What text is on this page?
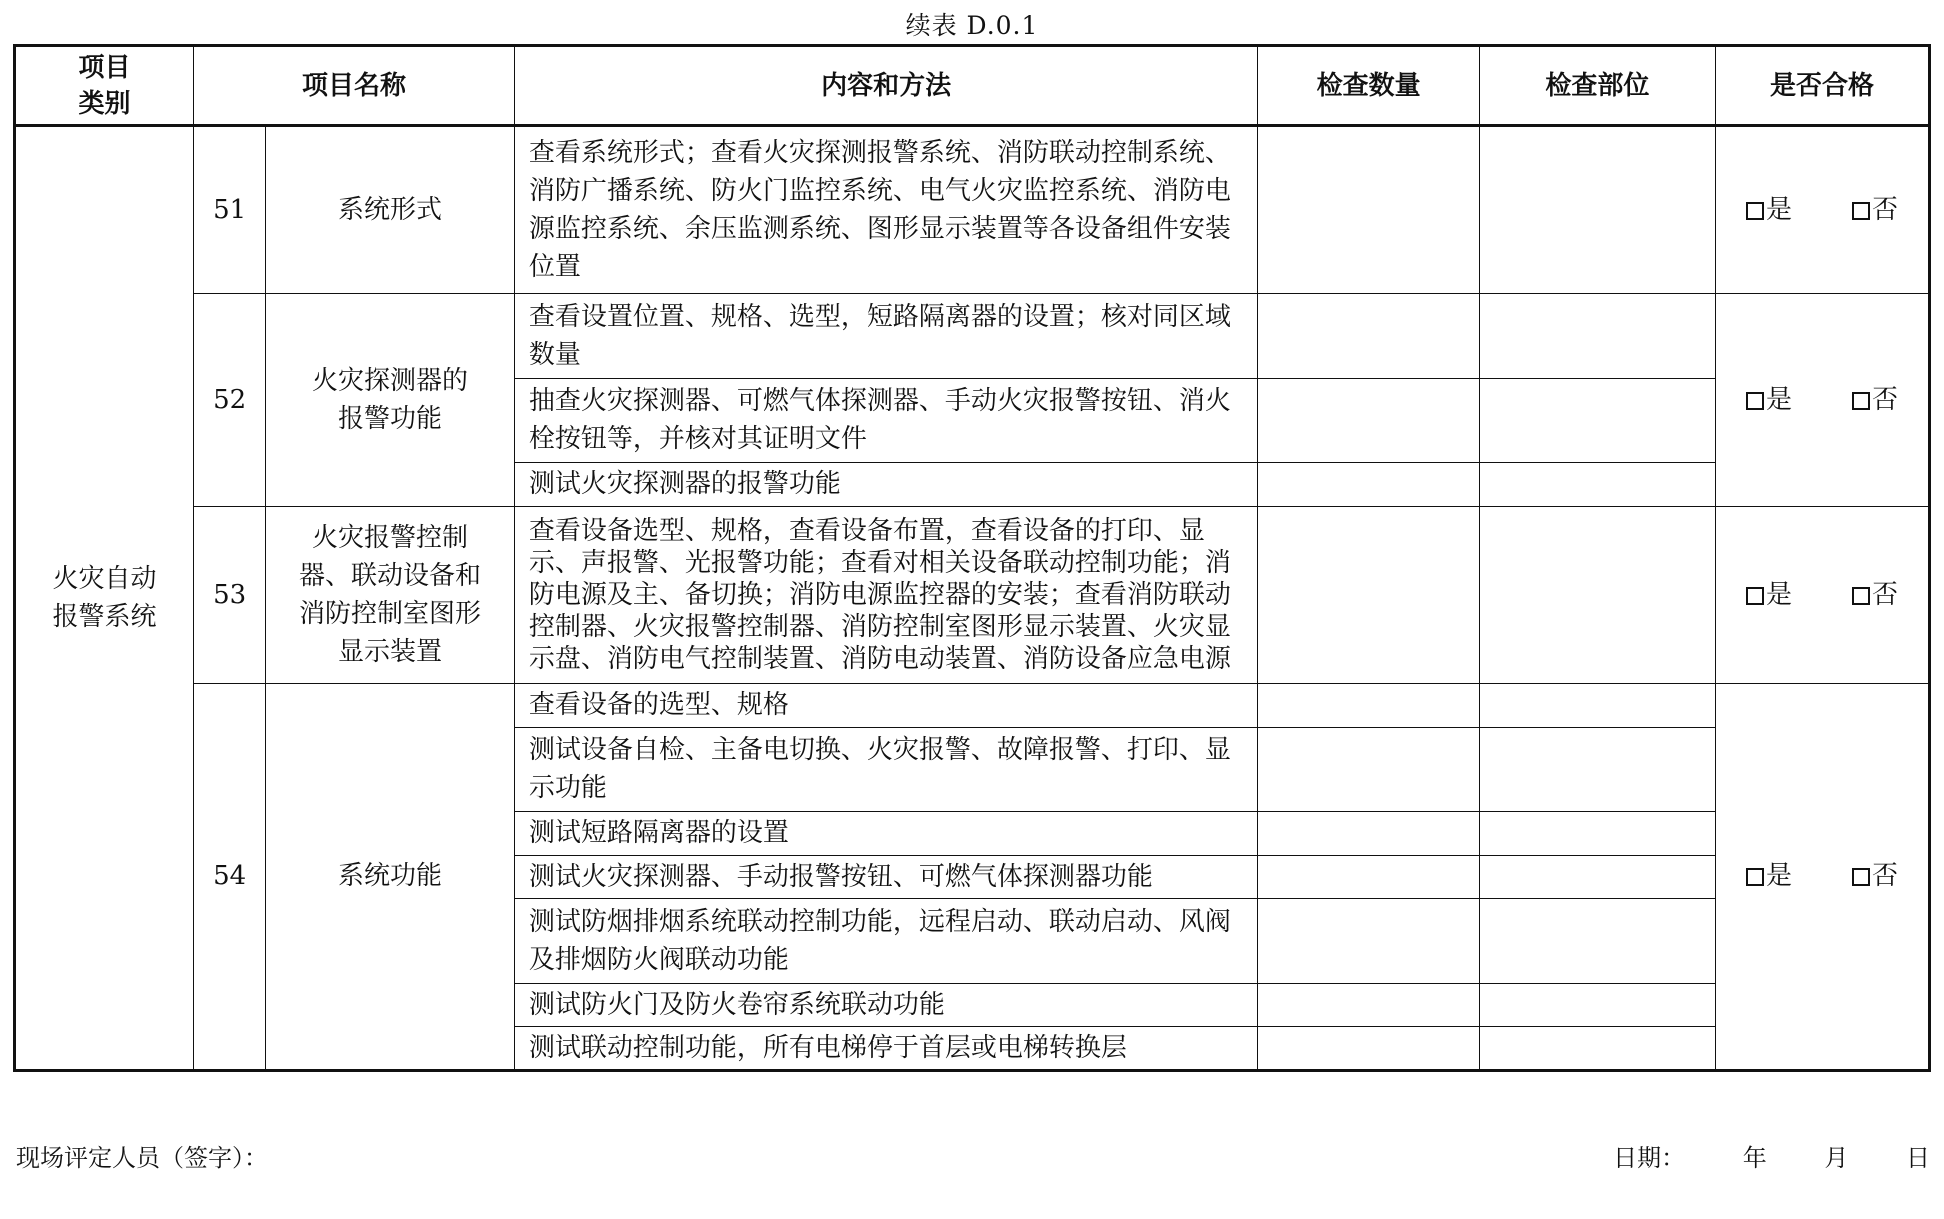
续表 D.0.1
项目
类别	项目名称		内容和方法	检查数量	检查部位	是否合格
火灾自动
报警系统	51	系统形式	查看系统形式；查看火灾探测报警系统、消防联动控制系统、消防广播系统、防火门监控系统、电气火灾监控系统、消防电源监控系统、余压监测系统、图形显示装置等各设备组件安装位置			是 否
	52	火灾探测器的
报警功能	查看设置位置、规格、选型，短路隔离器的设置；核对同区域数量			是 否
			抽查火灾探测器、可燃气体探测器、手动火灾报警按钮、消火栓按钮等，并核对其证明文件			
			测试火灾探测器的报警功能			
	53	火灾报警控制
器、联动设备和
消防控制室图形
显示装置	查看设备选型、规格，查看设备布置，查看设备的打印、显示、声报警、光报警功能；查看对相关设备联动控制功能；消防电源及主、备切换；消防电源监控器的安装；查看消防联动控制器、火灾报警控制器、消防控制室图形显示装置、火灾显示盘、消防电气控制装置、消防电动装置、消防设备应急电源			是 否
	54	系统功能	查看设备的选型、规格			是 否
			测试设备自检、主备电切换、火灾报警、故障报警、打印、显示功能			
			测试短路隔离器的设置			
			测试火灾探测器、手动报警按钮、可燃气体探测器功能			
			测试防烟排烟系统联动控制功能，远程启动、联动启动、风阀及排烟防火阀联动功能			
			测试防火门及防火卷帘系统联动功能			
			测试联动控制功能，所有电梯停于首层或电梯转换层			
现场评定人员（签字）：	日期： 年 月 日
